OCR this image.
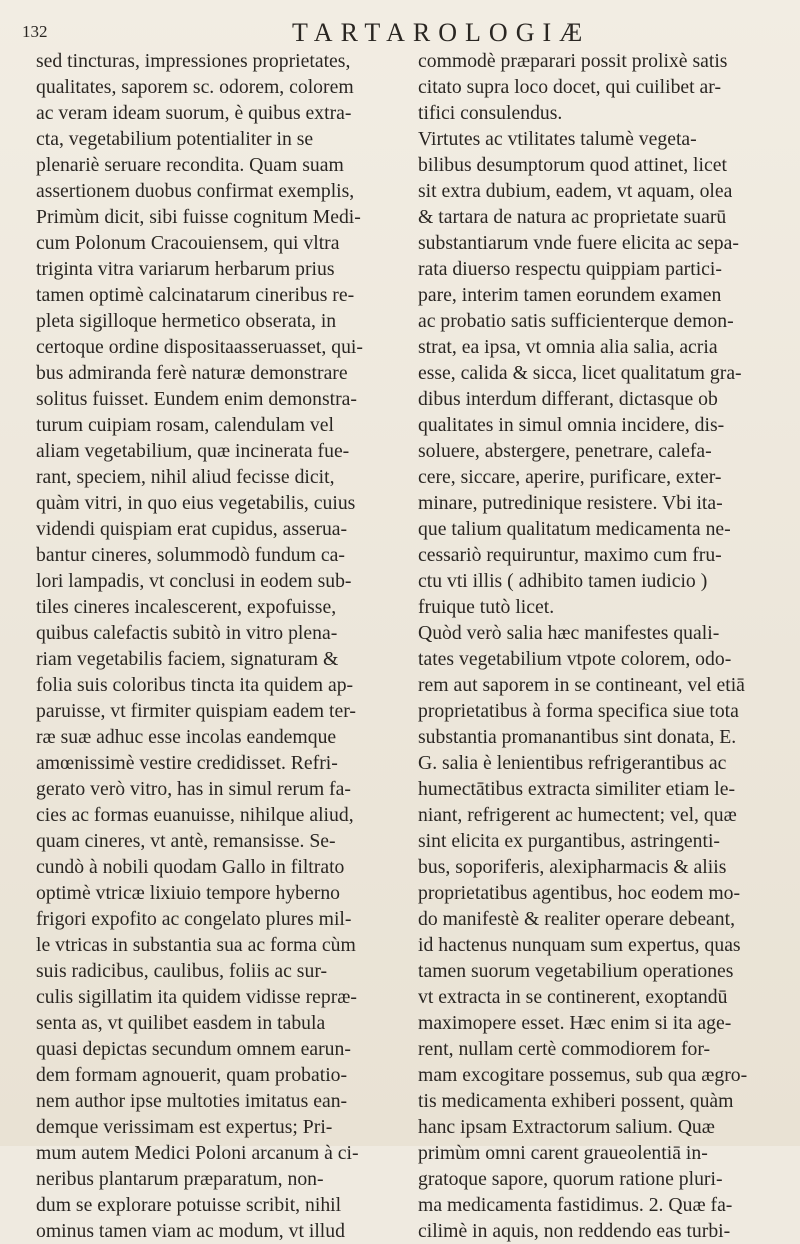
132	TARTAROLOGIÆ
sed tincturas, impressiones proprietates,
qualitates, saporem sc. odorem, colorem
ac veram ideam suorum, è quibus extra-
cta, vegetabilium potentialiter in se
plenariè seruare recondita. Quam suam
assertionem duobus confirmat exemplis,
Primùm dicit, sibi fuisse cognitum Medi-
cum Polonum Cracouiensem, qui vltra
triginta vitra variarum herbarum prius
tamen optimè calcinatarum cineribus re-
pleta sigilloque hermetico obserata, in
certoque ordine dispositaasseruasset, qui-
bus admiranda ferè naturæ demonstrare
solitus fuisset. Eundem enim demonstra-
turum cuipiam rosam, calendulam vel
aliam vegetabilium, quæ incinerata fue-
rant, speciem, nihil aliud fecisse dicit,
quàm vitri, in quo eius vegetabilis, cuius
videndi quispiam erat cupidus, asserua-
bantur cineres, solummodò fundum ca-
lori lampadis, vt conclusi in eodem sub-
tiles cineres incalescerent, expofuisse,
quibus calefactis subitò in vitro plena-
riam vegetabilis faciem, signaturam &
folia suis coloribus tincta ita quidem ap-
paruisse, vt firmiter quispiam eadem ter-
ræ suæ adhuc esse incolas eandemque
amœnissimè vestire credidisset. Refri-
gerato verò vitro, has in simul rerum fa-
cies ac formas euanuisse, nihilque aliud,
quam cineres, vt antè, remansisse. Se-
cundò à nobili quodam Gallo in filtrato
optimè vtricæ lixiuio tempore hyberno
frigori expofito ac congelato plures mil-
le vtricas in substantia sua ac forma cùm
suis radicibus, caulibus, foliis ac sur-
culis sigillatim ita quidem vidisse repræ-
senta as, vt quilibet easdem in tabula
quasi depictas secundum omnem earun-
dem formam agnouerit, quam probatio-
nem author ipse multoties imitatus ean-
demque verissimam est expertus; Pri-
mum autem Medici Poloni arcanum à ci-
neribus plantarum præparatum, non-
dum se explorare potuisse scribit, nihil
ominus tamen viam ac modum, vt illud
commodè præparari possit prolixè satis
citato supra loco docet, qui cuilibet ar-
tifici consulendus.
Virtutes ac vtilitates talumè vegeta-
bilibus desumptorum quod attinet, licet
sit extra dubium, eadem, vt aquam, olea
& tartara de natura ac proprietate suarū
substantiarum vnde fuere elicita ac sepa-
rata diuerso respectu quippiam partici-
pare, interim tamen eorundem examen
ac probatio satis sufficienterque demon-
strat, ea ipsa, vt omnia alia salia, acria
esse, calida & sicca, licet qualitatum gra-
dibus interdum differant, dictasque ob
qualitates in simul omnia incidere, dis-
soluere, abstergere, penetrare, calefa-
cere, siccare, aperire, purificare, exter-
minare, putredinique resistere. Vbi ita-
que talium qualitatum medicamenta ne-
cessariò requiruntur, maximo cum fru-
ctu vti illis ( adhibito tamen iudicio )
fruique tutò licet.
Quòd verò salia hæc manifestes quali-
tates vegetabilium vtpote colorem, odo-
rem aut saporem in se contineant, vel etiā
proprietatibus à forma specifica siue tota
substantia promanantibus sint donata, E.
G. salia è lenientibus refrigerantibus ac
humectātibus extracta similiter etiam le-
niant, refrigerent ac humectent; vel, quæ
sint elicita ex purgantibus, astringenti-
bus, soporiferis, alexipharmacis & aliis
proprietatibus agentibus, hoc eodem mo-
do manifestè & realiter operare debeant,
id hactenus nunquam sum expertus, quas
tamen suorum vegetabilium operationes
vt extracta in se continerent, exoptandū
maximopere esset. Hæc enim si ita age-
rent, nullam certè commodiorem for-
mam excogitare possemus, sub qua ægro-
tis medicamenta exhiberi possent, quàm
hanc ipsam Extractorum salium. Quæ
primùm omni carent graueolentiā in-
gratoque sapore, quorum ratione pluri-
ma medicamenta fastidimus. 2. Quæ fa-
cilimè in aquis, non reddendo eas turbi-
